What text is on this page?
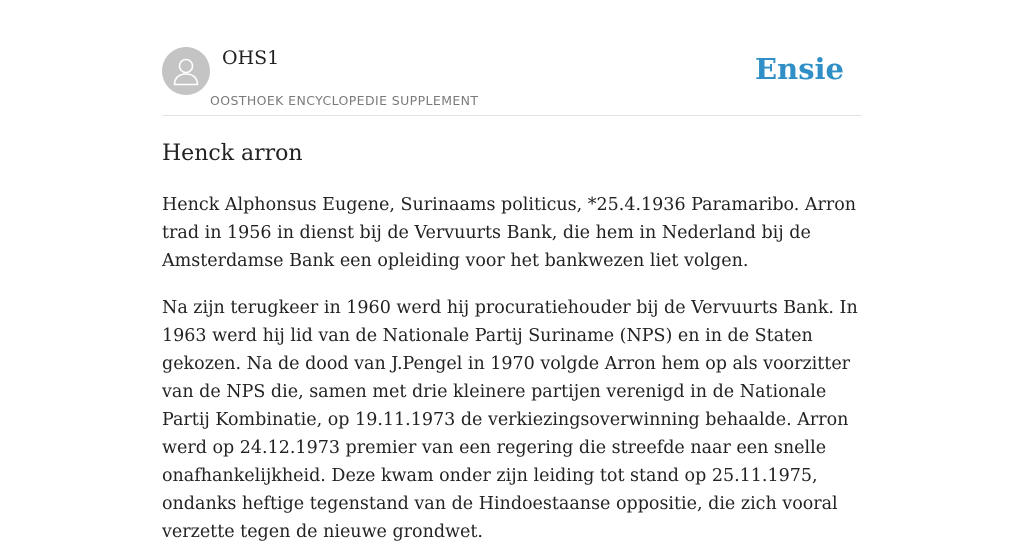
OHS1
OOSTHOEK ENCYCLOPEDIE SUPPLEMENT
Ensie
Henck arron

Henck Alphonsus Eugene, Surinaams politicus, *25.4.1936 Paramaribo. Arron trad in 1956 in dienst bij de Vervuurts Bank, die hem in Nederland bij de Amsterdamse Bank een opleiding voor het bankwezen liet volgen.

Na zijn terugkeer in 1960 werd hij procuratiehouder bij de Vervuurts Bank. In 1963 werd hij lid van de Nationale Partij Suriname (NPS) en in de Staten gekozen. Na de dood van J.Pengel in 1970 volgde Arron hem op als voorzitter van de NPS die, samen met drie kleinere partijen verenigd in de Nationale Partij Kombinatie, op 19.11.1973 de verkiezingsoverwinning behaalde. Arron werd op 24.12.1973 premier van een regering die streefde naar een snelle onafhankelijkheid. Deze kwam onder zijn leiding tot stand op 25.11.1975, ondanks heftige tegenstand van de Hindoestaanse oppositie, die zich vooral verzette tegen de nieuwe grondwet.
